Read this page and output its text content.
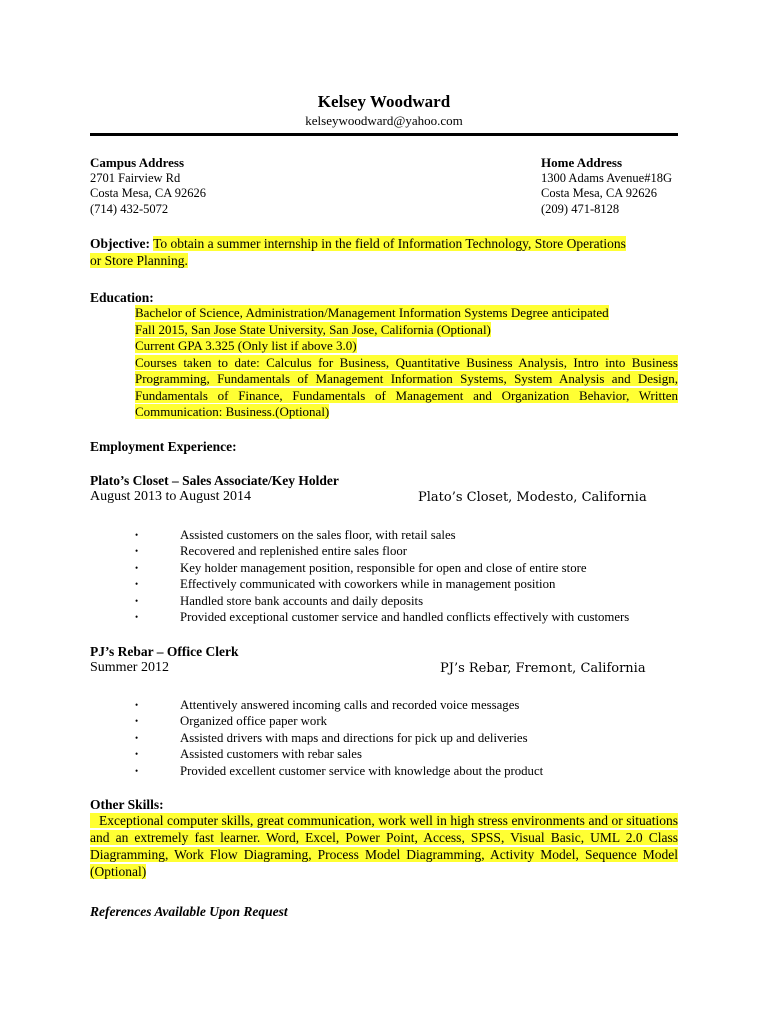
Kelsey Woodward
kelseywoodward@yahoo.com
Campus Address
2701 Fairview Rd
Costa Mesa, CA 92626
(714) 432-5072
Home Address
1300 Adams Avenue#18G
Costa Mesa, CA 92626
(209) 471-8128
Objective: To obtain a summer internship in the field of Information Technology, Store Operations or Store Planning.
Education:
Bachelor of Science, Administration/Management Information Systems Degree anticipated
Fall 2015, San Jose State University, San Jose, California (Optional)
Current GPA 3.325 (Only list if above 3.0)
Courses taken to date: Calculus for Business, Quantitative Business Analysis, Intro into Business Programming, Fundamentals of Management Information Systems, System Analysis and Design, Fundamentals of Finance, Fundamentals of Management and Organization Behavior, Written Communication: Business.(Optional)
Employment Experience:
Plato’s Closet – Sales Associate/Key Holder
August 2013 to August 2014	Plato’s Closet, Modesto, California
•	Assisted customers on the sales floor, with retail sales
•	Recovered and replenished entire sales floor
•	Key holder management position, responsible for open and close of entire store
•	Effectively communicated with coworkers while in management position
•	Handled store bank accounts and daily deposits
•	Provided exceptional customer service and handled conflicts effectively with customers
PJ’s Rebar – Office Clerk
Summer 2012	PJ’s Rebar, Fremont, California
•	Attentively answered incoming calls and recorded voice messages
•	Organized office paper work
•	Assisted drivers with maps and directions for pick up and deliveries
•	Assisted customers with rebar sales
•	Provided excellent customer service with knowledge about the product
Other Skills:
Exceptional computer skills, great communication, work well in high stress environments and or situations and an extremely fast learner. Word, Excel, Power Point, Access, SPSS, Visual Basic, UML 2.0 Class Diagramming, Work Flow Diagraming, Process Model Diagramming, Activity Model, Sequence Model (Optional)
References Available Upon Request
